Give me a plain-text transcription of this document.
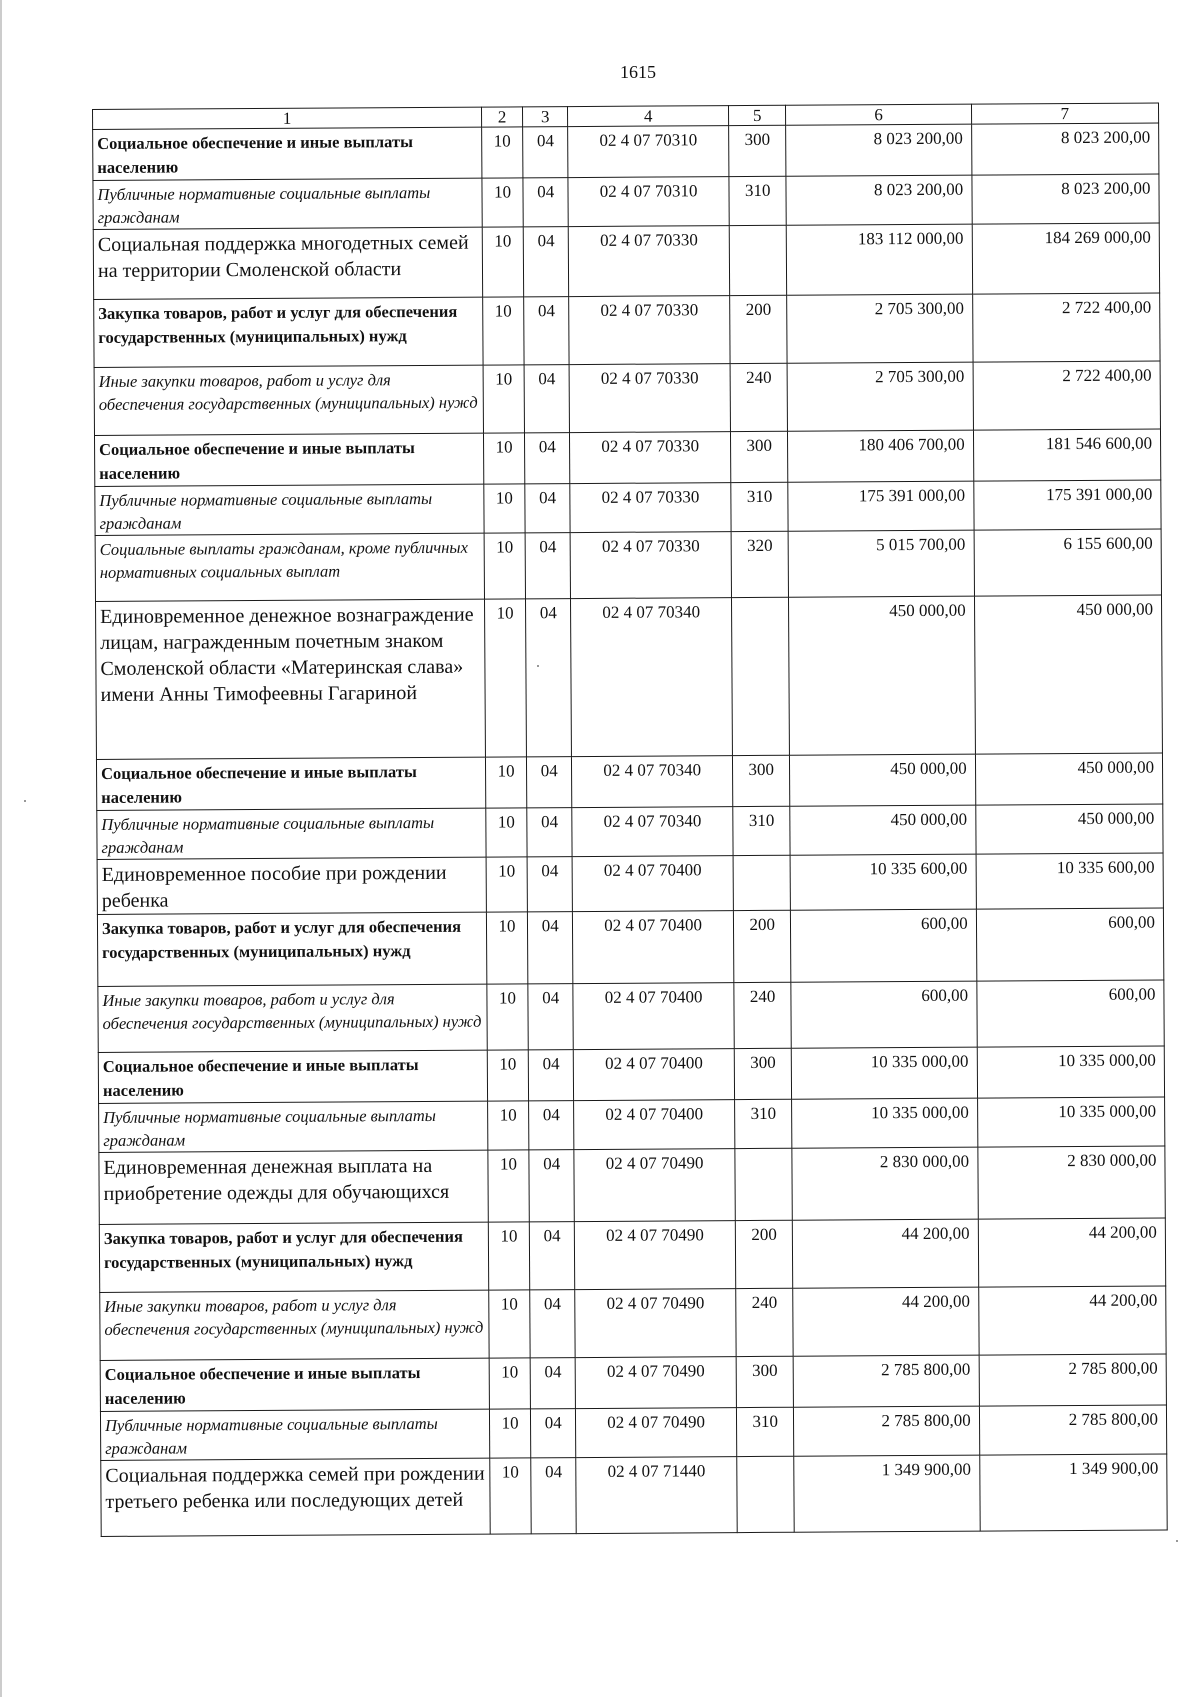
1615
1	2	3	4	5	6	7
Социальное обеспечение и иные выплаты населению	10	04	02 4 07 70310	300	8 023 200,00	8 023 200,00
Публичные нормативные социальные выплаты гражданам	10	04	02 4 07 70310	310	8 023 200,00	8 023 200,00
Социальная поддержка многодетных семей на территории Смоленской области	10	04	02 4 07 70330		183 112 000,00	184 269 000,00
Закупка товаров, работ и услуг для обеспечения государственных (муниципальных) нужд	10	04	02 4 07 70330	200	2 705 300,00	2 722 400,00
Иные закупки товаров, работ и услуг для обеспечения государственных (муниципальных) нужд	10	04	02 4 07 70330	240	2 705 300,00	2 722 400,00
Социальное обеспечение и иные выплаты населению	10	04	02 4 07 70330	300	180 406 700,00	181 546 600,00
Публичные нормативные социальные выплаты гражданам	10	04	02 4 07 70330	310	175 391 000,00	175 391 000,00
Социальные выплаты гражданам, кроме публичных нормативных социальных выплат	10	04	02 4 07 70330	320	5 015 700,00	6 155 600,00
Единовременное денежное вознаграждение лицам, награжденным почетным знаком Смоленской области «Материнская слава» имени Анны Тимофеевны Гагариной	10	04	02 4 07 70340		450 000,00	450 000,00
Социальное обеспечение и иные выплаты населению	10	04	02 4 07 70340	300	450 000,00	450 000,00
Публичные нормативные социальные выплаты гражданам	10	04	02 4 07 70340	310	450 000,00	450 000,00
Единовременное пособие при рождении ребенка	10	04	02 4 07 70400		10 335 600,00	10 335 600,00
Закупка товаров, работ и услуг для обеспечения государственных (муниципальных) нужд	10	04	02 4 07 70400	200	600,00	600,00
Иные закупки товаров, работ и услуг для обеспечения государственных (муниципальных) нужд	10	04	02 4 07 70400	240	600,00	600,00
Социальное обеспечение и иные выплаты населению	10	04	02 4 07 70400	300	10 335 000,00	10 335 000,00
Публичные нормативные социальные выплаты гражданам	10	04	02 4 07 70400	310	10 335 000,00	10 335 000,00
Единовременная денежная выплата на приобретение одежды для обучающихся	10	04	02 4 07 70490		2 830 000,00	2 830 000,00
Закупка товаров, работ и услуг для обеспечения государственных (муниципальных) нужд	10	04	02 4 07 70490	200	44 200,00	44 200,00
Иные закупки товаров, работ и услуг для обеспечения государственных (муниципальных) нужд	10	04	02 4 07 70490	240	44 200,00	44 200,00
Социальное обеспечение и иные выплаты населению	10	04	02 4 07 70490	300	2 785 800,00	2 785 800,00
Публичные нормативные социальные выплаты гражданам	10	04	02 4 07 70490	310	2 785 800,00	2 785 800,00
Социальная поддержка семей при рождении третьего ребенка или последующих детей	10	04	02 4 07 71440		1 349 900,00	1 349 900,00
